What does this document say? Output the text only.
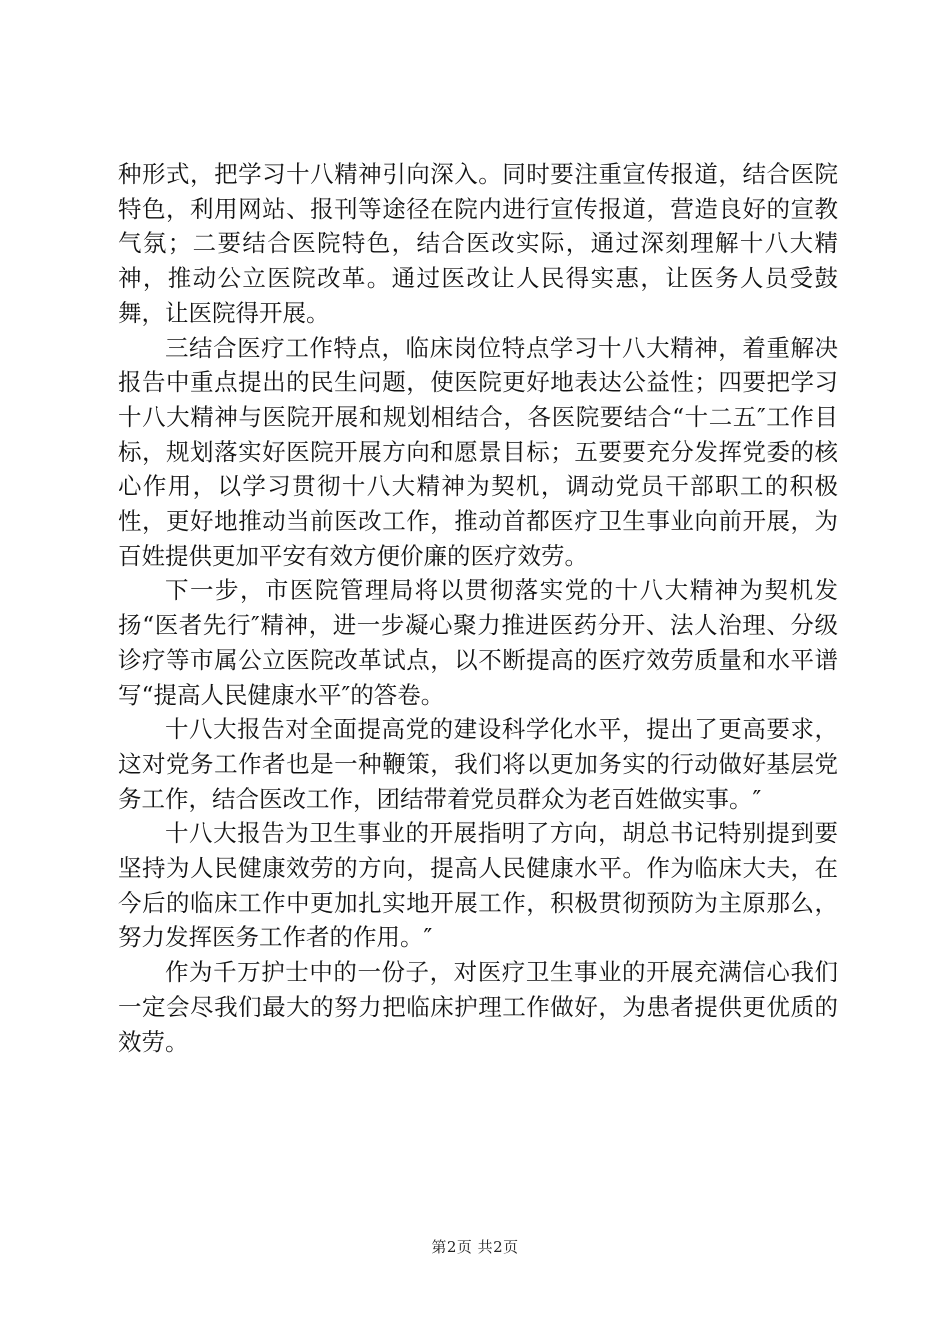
种形式，把学习十八精神引向深入。同时要注重宣传报道，结合医院特色，利用网站、报刊等途径在院内进行宣传报道，营造良好的宣教气氛；二要结合医院特色，结合医改实际，通过深刻理解十八大精神，推动公立医院改革。通过医改让人民得实惠，让医务人员受鼓舞，让医院得开展。

三结合医疗工作特点，临床岗位特点学习十八大精神，着重解决报告中重点提出的民生问题，使医院更好地表达公益性；四要把学习十八大精神与医院开展和规划相结合，各医院要结合“十二五″工作目标，规划落实好医院开展方向和愿景目标；五要要充分发挥党委的核心作用，以学习贯彻十八大精神为契机，调动党员干部职工的积极性，更好地推动当前医改工作，推动首都医疗卫生事业向前开展，为百姓提供更加平安有效方便价廉的医疗效劳。

下一步，市医院管理局将以贯彻落实党的十八大精神为契机发扬“医者先行″精神，进一步凝心聚力推进医药分开、法人治理、分级诊疗等市属公立医院改革试点，以不断提高的医疗效劳质量和水平谱写“提高人民健康水平″的答卷。

十八大报告对全面提高党的建设科学化水平，提出了更高要求，这对党务工作者也是一种鞭策，我们将以更加务实的行动做好基层党务工作，结合医改工作，团结带着党员群众为老百姓做实事。″

十八大报告为卫生事业的开展指明了方向，胡总书记特别提到要坚持为人民健康效劳的方向，提高人民健康水平。作为临床大夫，在今后的临床工作中更加扎实地开展工作，积极贯彻预防为主原那么，努力发挥医务工作者的作用。″

作为千万护士中的一份子，对医疗卫生事业的开展充满信心我们一定会尽我们最大的努力把临床护理工作做好，为患者提供更优质的效劳。

第2页 共2页
